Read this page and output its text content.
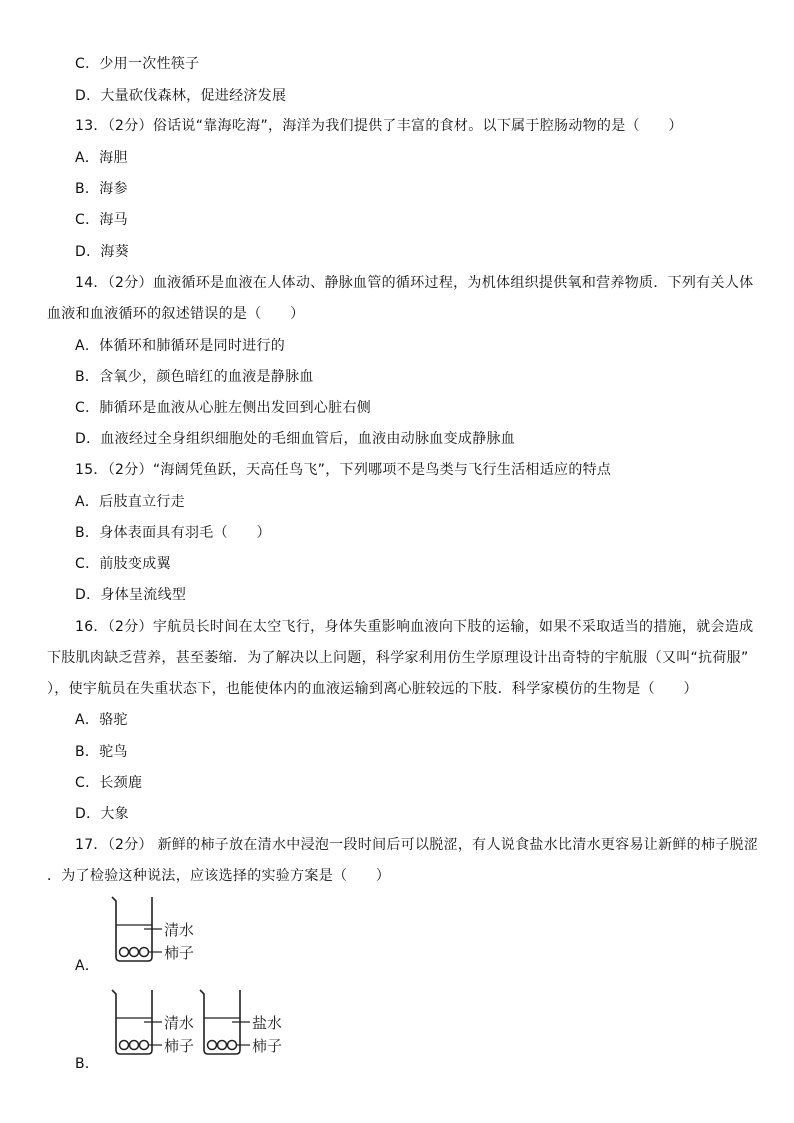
C．少用一次性筷子
D．大量砍伐森林，促进经济发展
13．（2分）俗话说“靠海吃海”，海洋为我们提供了丰富的食材。以下属于腔肠动物的是（　　）
A．海胆
B．海参
C．海马
D．海葵
14．（2分）血液循环是血液在人体动、静脉血管的循环过程，为机体组织提供氧和营养物质．下列有关人体
血液和血液循环的叙述错误的是（　　）
A．体循环和肺循环是同时进行的
B．含氧少，颜色暗红的血液是静脉血
C．肺循环是血液从心脏左侧出发回到心脏右侧
D．血液经过全身组织细胞处的毛细血管后，血液由动脉血变成静脉血
15．（2分）“海阔凭鱼跃，天高任鸟飞”，下列哪项不是鸟类与飞行生活相适应的特点
A．后肢直立行走
B．身体表面具有羽毛（　　）
C．前肢变成翼
D．身体呈流线型
16．（2分）宇航员长时间在太空飞行，身体失重影响血液向下肢的运输，如果不采取适当的措施，就会造成
下肢肌肉缺乏营养，甚至萎缩．为了解决以上问题，科学家利用仿生学原理设计出奇特的宇航服（又叫“抗荷服”
），使宇航员在失重状态下，也能使体内的血液运输到离心脏较远的下肢．科学家模仿的生物是（　　）
A．骆驼
B．驼鸟
C．长颈鹿
D．大象
17．（2分） 新鲜的柿子放在清水中浸泡一段时间后可以脱涩，有人说食盐水比清水更容易让新鲜的柿子脱涩
．为了检验这种说法，应该选择的实验方案是（　　）
清水
柿子
A．
清水
柿子
盐水
柿子
B．
